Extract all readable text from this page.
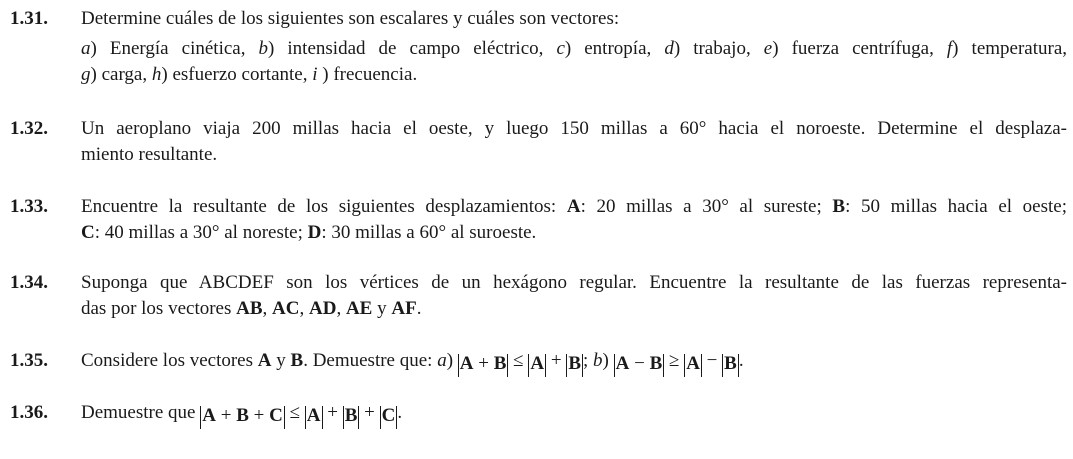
1.31. Determine cuáles de los siguientes son escalares y cuáles son vectores:
a) Energía cinética, b) intensidad de campo eléctrico, c) entropía, d) trabajo, e) fuerza centrífuga, f) temperatura,
g) carga, h) esfuerzo cortante, i ) frecuencia.
1.32. Un aeroplano viaja 200 millas hacia el oeste, y luego 150 millas a 60° hacia el noroeste. Determine el desplaza-
miento resultante.
1.33. Encuentre la resultante de los siguientes desplazamientos: A: 20 millas a 30° al sureste; B: 50 millas hacia el oeste;
C: 40 millas a 30° al noreste; D: 30 millas a 60° al suroeste.
1.34. Suponga que ABCDEF son los vértices de un hexágono regular. Encuentre la resultante de las fuerzas representa-
das por los vectores AB, AC, AD, AE y AF.
1.35. Considere los vectores A y B. Demuestre que: a) A + B ≤ A + B ; b) A − B ≥ A − B .
1.36. Demuestre que A + B + C ≤ A + B + C .
